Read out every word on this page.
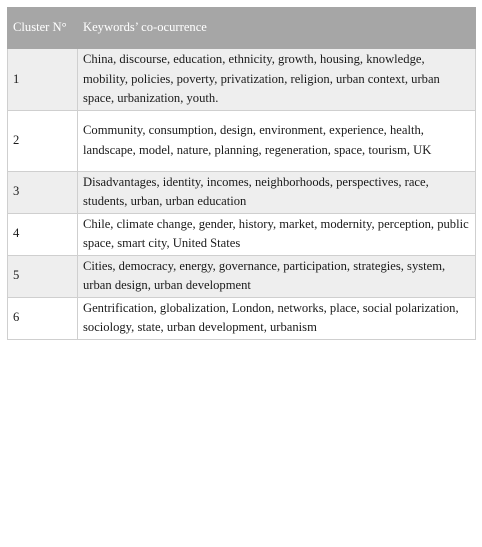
Cluster N°	Keywords’ co-ocurrence
1	China, discourse, education, ethnicity, growth, housing, knowledge, mobility, policies, poverty, privatization, religion, urban context, urban space, urbanization, youth.
2	Community, consumption, design, environment, experience, health, landscape, model, nature, planning, regeneration, space, tourism, UK
3	Disadvantages, identity, incomes, neighborhoods, perspectives, race, students, urban, urban education
4	Chile, climate change, gender, history, market, modernity, perception, public space, smart city, United States
5	Cities, democracy, energy, governance, participation, strategies, system, urban design, urban development
6	Gentrification, globalization, London, networks, place, social polarization, sociology, state, urban development, urbanism
